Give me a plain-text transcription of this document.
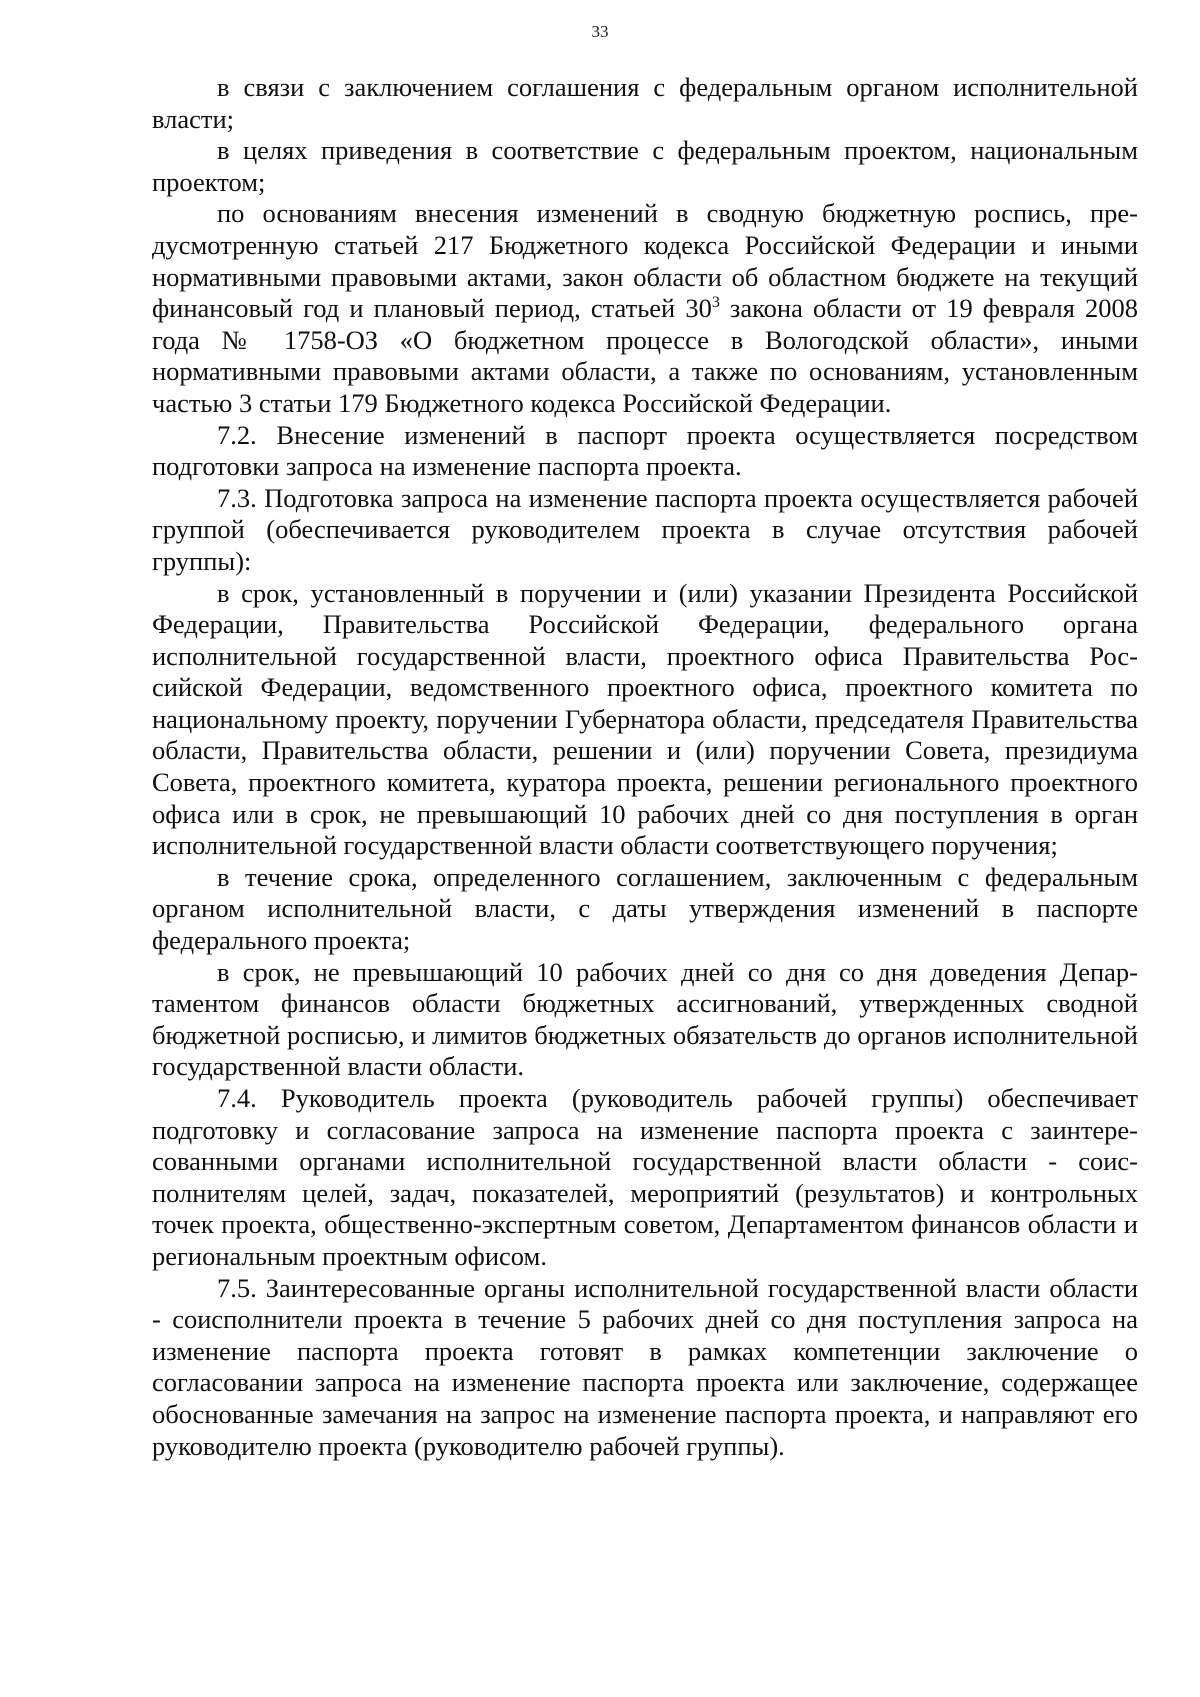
33

в связи с заключением соглашения с федеральным органом исполнительной власти;

в целях приведения в соответствие с федеральным проектом, национальным проектом;

по основаниям внесения изменений в сводную бюджетную роспись, предусмотренную статьей 217 Бюджетного кодекса Российской Федерации и иными нормативными правовыми актами, закон области об областном бюджете на текущий финансовый год и плановый период, статьей $30^3$ закона области от 19 февраля 2008 года № 1758-ОЗ «О бюджетном процессе в Вологодской области», иными нормативными правовыми актами области, а также по основаниям, установленным частью 3 статьи 179 Бюджетного кодекса Российской Федерации.

7.2. Внесение изменений в паспорт проекта осуществляется посредством подготовки запроса на изменение паспорта проекта.

7.3. Подготовка запроса на изменение паспорта проекта осуществляется рабочей группой (обеспечивается руководителем проекта в случае отсутствия рабочей группы):

в срок, установленный в поручении и (или) указании Президента Российской Федерации, Правительства Российской Федерации, федерального органа исполнительной государственной власти, проектного офиса Правительства Российской Федерации, ведомственного проектного офиса, проектного комитета по национальному проекту, поручении Губернатора области, председателя Правительства области, Правительства области, решении и (или) поручении Совета, президиума Совета, проектного комитета, куратора проекта, решении регионального проектного офиса или в срок, не превышающий 10 рабочих дней со дня поступления в орган исполнительной государственной власти области соответствующего поручения;

в течение срока, определенного соглашением, заключенным с федеральным органом исполнительной власти, с даты утверждения изменений в паспорте федерального проекта;

в срок, не превышающий 10 рабочих дней со дня со дня доведения Департаментом финансов области бюджетных ассигнований, утвержденных сводной бюджетной росписью, и лимитов бюджетных обязательств до органов исполнительной государственной власти области.

7.4. Руководитель проекта (руководитель рабочей группы) обеспечивает подготовку и согласование запроса на изменение паспорта проекта с заинтересованными органами исполнительной государственной власти области - соисполнителям целей, задач, показателей, мероприятий (результатов) и контрольных точек проекта, общественно-экспертным советом, Департаментом финансов области и региональным проектным офисом.

7.5. Заинтересованные органы исполнительной государственной власти области - соисполнители проекта в течение 5 рабочих дней со дня поступления запроса на изменение паспорта проекта готовят в рамках компетенции заключение о согласовании запроса на изменение паспорта проекта или заключение, содержащее обоснованные замечания на запрос на изменение паспорта проекта, и направляют его руководителю проекта (руководителю рабочей группы).
